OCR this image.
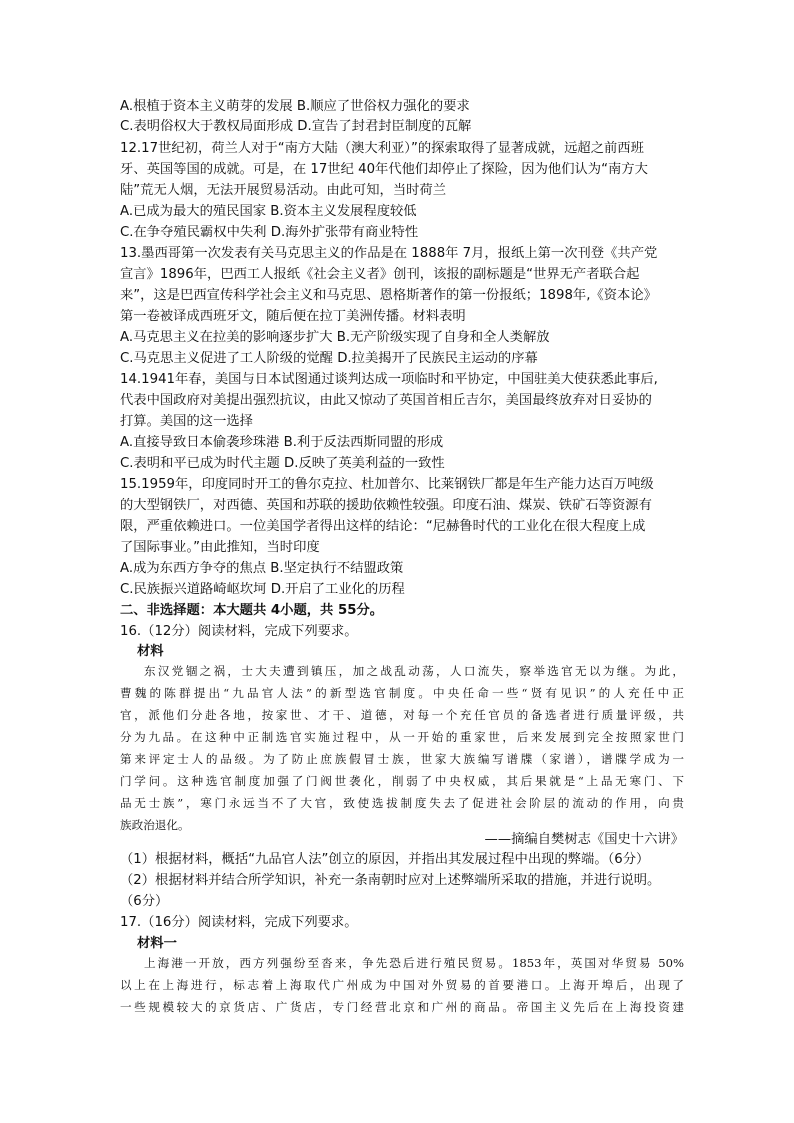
A.根植于资本主义萌芽的发展 B.顺应了世俗权力强化的要求
C.表明俗权大于教权局面形成 D.宣告了封君封臣制度的瓦解
12.17世纪初，荷兰人对于“南方大陆（澳大利亚）”的探索取得了显著成就，远超之前西班
牙、英国等国的成就。可是，在 17世纪 40年代他们却停止了探险，因为他们认为“南方大
陆”荒无人烟，无法开展贸易活动。由此可知，当时荷兰
A.已成为最大的殖民国家 B.资本主义发展程度较低
C.在争夺殖民霸权中失利 D.海外扩张带有商业特性
13.墨西哥第一次发表有关马克思主义的作品是在 1888年 7月，报纸上第一次刊登《共产党
宣言》1896年，巴西工人报纸《社会主义者》创刊，该报的副标题是“世界无产者联合起
来”，这是巴西宣传科学社会主义和马克思、恩格斯著作的第一份报纸；1898年,《资本论》
第一卷被译成西班牙文，随后便在拉丁美洲传播。材料表明
A.马克思主义在拉美的影响逐步扩大 B.无产阶级实现了自身和全人类解放
C.马克思主义促进了工人阶级的觉醒 D.拉美揭开了民族民主运动的序幕
14.1941年春，美国与日本试图通过谈判达成一项临时和平协定，中国驻美大使获悉此事后,
代表中国政府对美提出强烈抗议，由此又惊动了英国首相丘吉尔，美国最终放弃对日妥协的
打算。美国的这一选择
A.直接导致日本偷袭珍珠港 B.利于反法西斯同盟的形成
C.表明和平已成为时代主题 D.反映了英美利益的一致性
15.1959年，印度同时开工的鲁尔克拉、杜加普尔、比莱钢铁厂都是年生产能力达百万吨级
的大型钢铁厂，对西德、英国和苏联的援助依赖性较强。印度石油、煤炭、铁矿石等资源有
限，严重依赖进口。一位美国学者得出这样的结论：“尼赫鲁时代的工业化在很大程度上成
了国际事业。”由此推知，当时印度
A.成为东西方争夺的焦点 B.坚定执行不结盟政策
C.民族振兴道路崎岖坎坷 D.开启了工业化的历程
二、非选择题：本大题共 4小题，共 55分。
16.（12分）阅读材料，完成下列要求。
材料
东汉党锢之祸，士大夫遭到镇压，加之战乱动荡，人口流失，察举选官无以为继。为此，
曹魏的陈群提出“九品官人法”的新型选官制度。中央任命一些“贤有见识”的人充任中正
官，派他们分赴各地，按家世、才干、道德，对每一个充任官员的备选者进行质量评级，共
分为九品。在这种中正制选官实施过程中，从一开始的重家世，后来发展到完全按照家世门
第来评定士人的品级。为了防止庶族假冒士族，世家大族编写谱牒（家谱），谱牒学成为一
门学问。这种选官制度加强了门阀世袭化，削弱了中央权威，其后果就是“上品无寒门、下
品无士族”，寒门永远当不了大官，致使选拔制度失去了促进社会阶层的流动的作用，向贵
族政治退化。
——摘编自樊树志《国史十六讲》
（1）根据材料，概括“九品官人法”创立的原因，并指出其发展过程中出现的弊端。（6分）
（2）根据材料并结合所学知识，补充一条南朝时应对上述弊端所采取的措施，并进行说明。
（6分）
17.（16分）阅读材料，完成下列要求。
材料一
上海港一开放，西方列强纷至沓来，争先恐后进行殖民贸易。1853年，英国对华贸易 50%
以上在上海进行，标志着上海取代广州成为中国对外贸易的首要港口。上海开埠后，出现了
一些规模较大的京货店、广货店，专门经营北京和广州的商品。帝国主义先后在上海投资建
